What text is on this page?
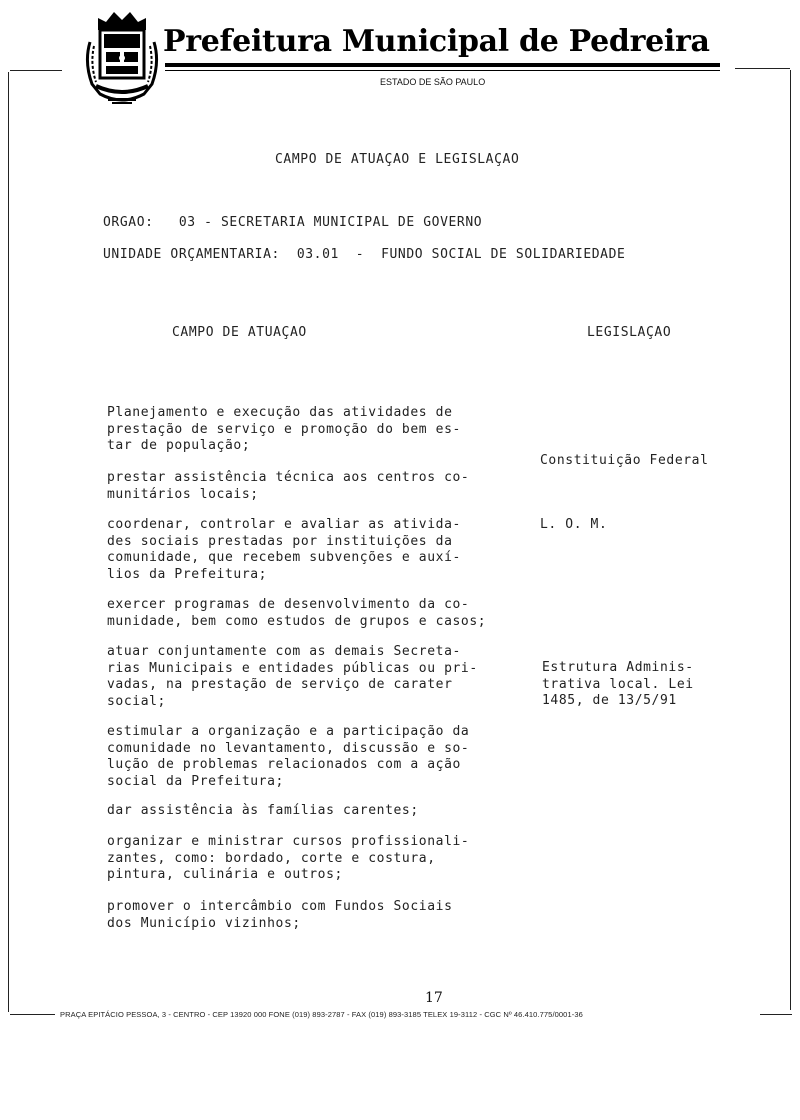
Prefeitura Municipal de Pedreira
ESTADO DE SÃO PAULO
CAMPO DE ATUAÇAO E LEGISLAÇAO
ORGAO:   03 - SECRETARIA MUNICIPAL DE GOVERNO
UNIDADE ORÇAMENTARIA:  03.01  -  FUNDO SOCIAL DE SOLIDARIEDADE
CAMPO DE ATUAÇAO	LEGISLAÇAO
Planejamento e execução das atividades de
prestação de serviço e promoção do bem es-
tar de população;
prestar assistência técnica aos centros co-
munitários locais;
coordenar, controlar e avaliar as ativida-
des sociais prestadas por instituições da
comunidade, que recebem subvenções e auxí-
lios da Prefeitura;
exercer programas de desenvolvimento da co-
munidade, bem como estudos de grupos e casos;
atuar conjuntamente com as demais Secreta-
rias Municipais e entidades públicas ou pri-
vadas, na prestação de serviço de carater
social;
estimular a organização e a participação da
comunidade no levantamento, discussão e so-
lução de problemas relacionados com a ação
social da Prefeitura;
dar assistência às famílias carentes;
organizar e ministrar cursos profissionali-
zantes, como: bordado, corte e costura,
pintura, culinária e outros;
promover o intercâmbio com Fundos Sociais
dos Município vizinhos;
Constituição Federal
L. O. M.
Estrutura Adminis-
trativa local. Lei
1485, de 13/5/91
17
PRAÇA EPITÁCIO PESSOA, 3 - CENTRO - CEP 13920 000 FONE (019) 893-2787 - FAX (019) 893-3185 TELEX 19-3112 - CGC Nº 46.410.775/0001-36
